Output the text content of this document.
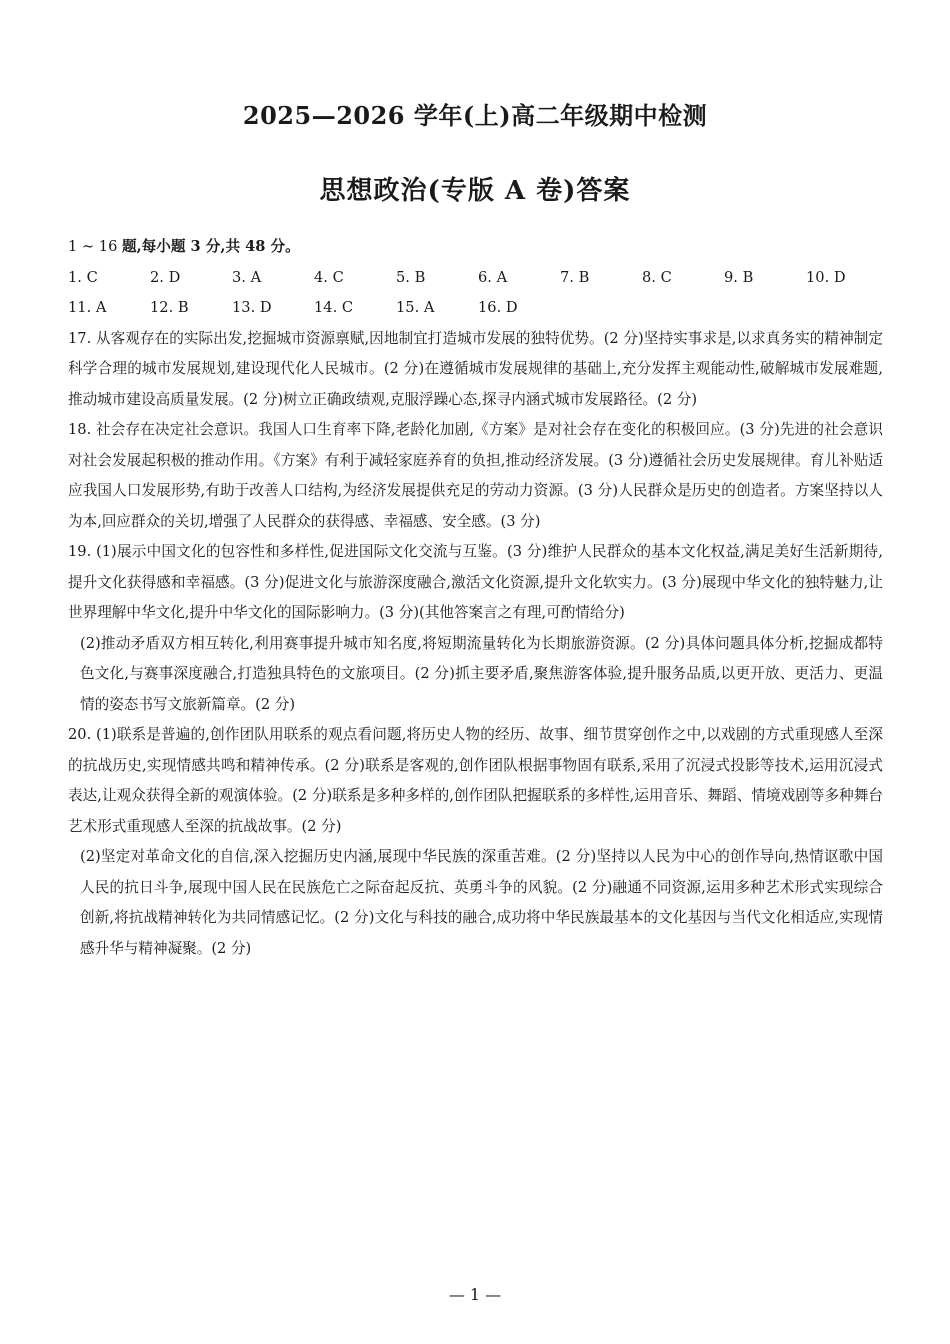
2025—2026 学年(上)高二年级期中检测
思想政治(专版 A 卷)答案
1 ~ 16 题,每小题 3 分,共 48 分。
1. C	2. D	3. A	4. C	5. B	6. A	7. B	8. C	9. B	10. D
11. A	12. B	13. D	14. C	15. A	16. D
17. 从客观存在的实际出发,挖掘城市资源禀赋,因地制宜打造城市发展的独特优势。(2 分)坚持实事求是,以求真务实的精神制定科学合理的城市发展规划,建设现代化人民城市。(2 分)在遵循城市发展规律的基础上,充分发挥主观能动性,破解城市发展难题,推动城市建设高质量发展。(2 分)树立正确政绩观,克服浮躁心态,探寻内涵式城市发展路径。(2 分)
18. 社会存在决定社会意识。我国人口生育率下降,老龄化加剧,《方案》是对社会存在变化的积极回应。(3 分)先进的社会意识对社会发展起积极的推动作用。《方案》有利于减轻家庭养育的负担,推动经济发展。(3 分)遵循社会历史发展规律。育儿补贴适应我国人口发展形势,有助于改善人口结构,为经济发展提供充足的劳动力资源。(3 分)人民群众是历史的创造者。方案坚持以人为本,回应群众的关切,增强了人民群众的获得感、幸福感、安全感。(3 分)
19. (1)展示中国文化的包容性和多样性,促进国际文化交流与互鉴。(3 分)维护人民群众的基本文化权益,满足美好生活新期待,提升文化获得感和幸福感。(3 分)促进文化与旅游深度融合,激活文化资源,提升文化软实力。(3 分)展现中华文化的独特魅力,让世界理解中华文化,提升中华文化的国际影响力。(3 分)(其他答案言之有理,可酌情给分)
(2)推动矛盾双方相互转化,利用赛事提升城市知名度,将短期流量转化为长期旅游资源。(2 分)具体问题具体分析,挖掘成都特色文化,与赛事深度融合,打造独具特色的文旅项目。(2 分)抓主要矛盾,聚焦游客体验,提升服务品质,以更开放、更活力、更温情的姿态书写文旅新篇章。(2 分)
20. (1)联系是普遍的,创作团队用联系的观点看问题,将历史人物的经历、故事、细节贯穿创作之中,以戏剧的方式重现感人至深的抗战历史,实现情感共鸣和精神传承。(2 分)联系是客观的,创作团队根据事物固有联系,采用了沉浸式投影等技术,运用沉浸式表达,让观众获得全新的观演体验。(2 分)联系是多种多样的,创作团队把握联系的多样性,运用音乐、舞蹈、情境戏剧等多种舞台艺术形式重现感人至深的抗战故事。(2 分)
(2)坚定对革命文化的自信,深入挖掘历史内涵,展现中华民族的深重苦难。(2 分)坚持以人民为中心的创作导向,热情讴歌中国人民的抗日斗争,展现中国人民在民族危亡之际奋起反抗、英勇斗争的风貌。(2 分)融通不同资源,运用多种艺术形式实现综合创新,将抗战精神转化为共同情感记忆。(2 分)文化与科技的融合,成功将中华民族最基本的文化基因与当代文化相适应,实现情感升华与精神凝聚。(2 分)
— 1 —
